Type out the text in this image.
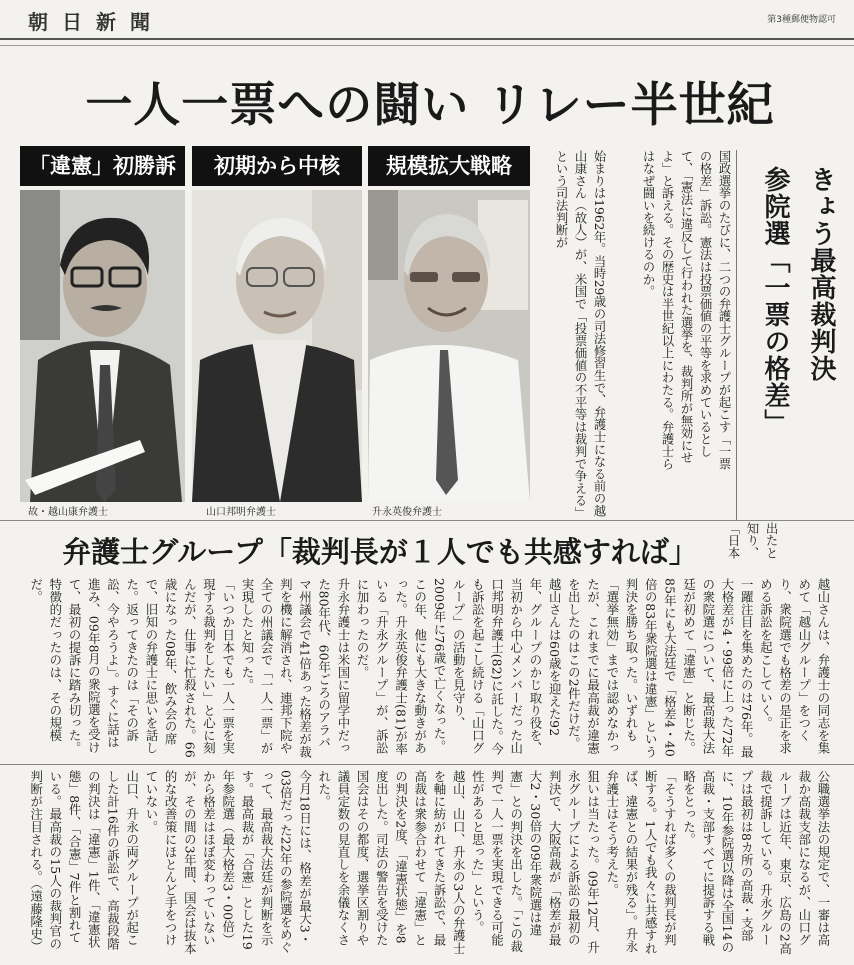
朝日新聞	第3種郵便物認可
一人一票への闘い リレー半世紀
「違憲」初勝訴	初期から中核	規模拡大戦略
故・越山康弁護士	山口邦明弁護士	升永英俊弁護士	始まりは1962年。当時29歳の司法修習生で、弁護士になる前の越山康さん（故人）が、米国で「投票価値の不平等は裁判で争える」という司法判断が	国政選挙のたびに、二つの弁護士グループが起こす「一票の格差」訴訟。憲法は投票価値の平等を求めているとして、「憲法に違反して行われた選挙を、裁判所が無効にせよ」と訴える。その歴史は半世紀以上にわたる。弁護士らはなぜ闘いを続けるのか。	参院選「一票の格差」 きょう最高裁判決
弁護士グループ「裁判長が１人でも共感すれば」
出たと知り、「日本

越山さんは、弁護士の同志を集めて「越山グループ」をつくり、衆院選でも格差の是正を求める訴訟を起こしていく。

一躍注目を集めたのは76年。最大格差が4・99倍に上った72年の衆院選について、最高裁大法廷が初めて「違憲」と断じた。

85年にも大法廷で「格差4・40倍の83年衆院選は違憲」という判決を勝ち取った。いずれも「選挙無効」までは認めなかったが、これまでに最高裁が違憲を出したのはこの2件だけだ。

越山さんは60歳を迎えた92年、グループのかじ取り役を、当初から中心メンバーだった山口邦明弁護士(82)に託した。今も訴訟を起こし続ける「山口グループ」の活動を見守り、2009年に76歳で亡くなった。

この年、他にも大きな動きがあった。升永英俊弁護士(81)が率いる「升永グループ」が、訴訟に加わったのだ。

升永弁護士は米国に留学中だった80年代、60年ごろのアラバマ州議会で41倍あった格差が裁判を機に解消され、連邦下院や全ての州議会で「一人一票」が実現したと知った。

「いつか日本でも一人一票を実現する裁判をしたい」と心に刻んだが、仕事に忙殺された。66歳になった08年、飲み会の席で、旧知の弁護士に思いを話した。返ってきたのは「その訴訟、今やろうよ」。すぐに話は進み、09年8月の衆院選を受けて、最初の提訴に踏み切った。

特徴的だったのは、その規模だ。

公職選挙法の規定で、一審は高裁か高裁支部になるが、山口グループは近年、東京、広島の2高裁で提訴している。升永グループは最初は8カ所の高裁・支部に、10年参院選以降は全国14の高裁・支部すべてに提訴する戦略をとった。

「そうすれば多くの裁判長が判断する。1人でも我々に共感すれば、違憲との結果が残る」。升永弁護士はそう考えた。

狙いは当たった。09年12月、升永グループによる訴訟の最初の判決で、大阪高裁が「格差が最大2・30倍の09年衆院選は違憲」との判決を出した。「この裁判で一人一票を実現できる可能性があると思った」という。

越山、山口、升永の3人の弁護士を軸に紡がれてきた訴訟で、最高裁は衆参合わせて「違憲」との判決を2度、「違憲状態」を8度出した。司法の警告を受けた国会はその都度、選挙区割りや議員定数の見直しを余儀なくされた。

今月18日には、格差が最大3・03倍だった22年の参院選をめぐって、最高裁大法廷が判断を示す。最高裁が「合憲」とした19年参院選（最大格差3・00倍）から格差はほぼ変わっていないが、その間の3年間、国会は抜本的な改善策にほとんど手をつけていない。

山口、升永の両グループが起こした計16件の訴訟で、高裁段階の判決は「違憲」1件、「違憲状態」8件、「合憲」7件と割れている。最高裁の15人の裁判官の判断が注目される。（遠藤隆史）
